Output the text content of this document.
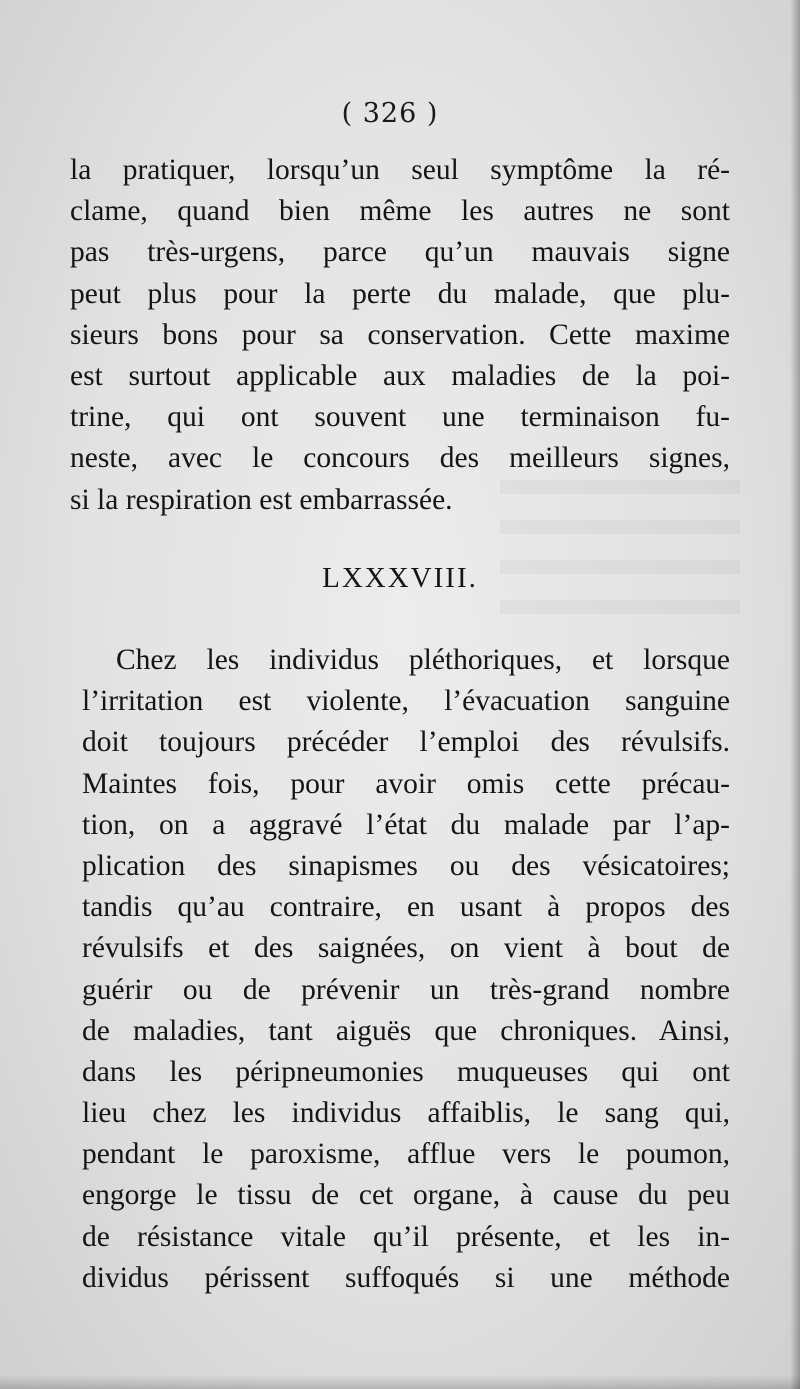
( 326 )
la pratiquer, lorsqu’un seul symptôme la ré-
clame, quand bien même les autres ne sont
pas très-urgens, parce qu’un mauvais signe
peut plus pour la perte du malade, que plu-
sieurs bons pour sa conservation. Cette maxime
est surtout applicable aux maladies de la poi-
trine, qui ont souvent une terminaison fu-
neste, avec le concours des meilleurs signes,
si la respiration est embarrassée.
LXXXVIII.
Chez les individus pléthoriques, et lorsque
l’irritation est violente, l’évacuation sanguine
doit toujours précéder l’emploi des révulsifs.
Maintes fois, pour avoir omis cette précau-
tion, on a aggravé l’état du malade par l’ap-
plication des sinapismes ou des vésicatoires;
tandis qu’au contraire, en usant à propos des
révulsifs et des saignées, on vient à bout de
guérir ou de prévenir un très-grand nombre
de maladies, tant aiguës que chroniques. Ainsi,
dans les péripneumonies muqueuses qui ont
lieu chez les individus affaiblis, le sang qui,
pendant le paroxisme, afflue vers le poumon,
engorge le tissu de cet organe, à cause du peu
de résistance vitale qu’il présente, et les in-
dividus périssent suffoqués si une méthode
